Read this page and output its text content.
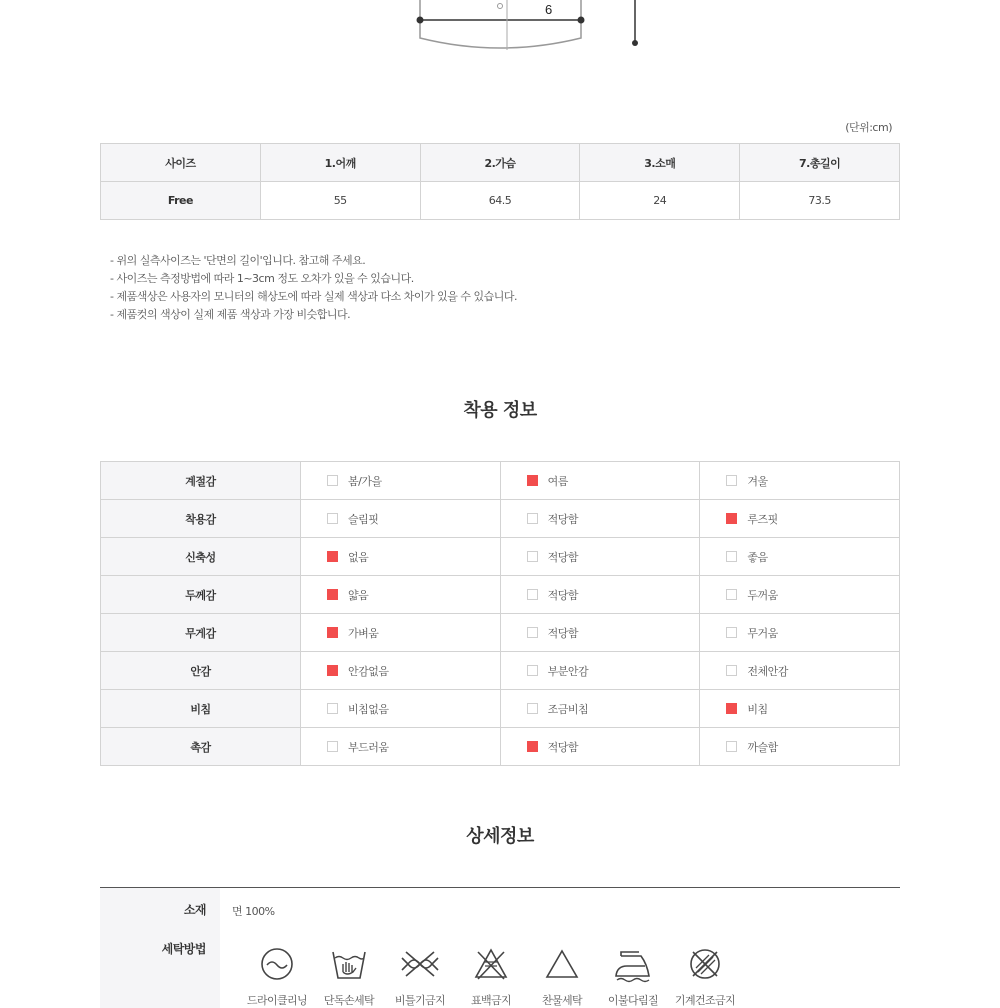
6
(단위:cm)
사이즈	1.어깨	2.가슴	3.소매	7.총길이
Free	55	64.5	24	73.5
- 위의 실측사이즈는 '단면의 길이'입니다. 참고해 주세요.
- 사이즈는 측정방법에 따라 1~3cm 정도 오차가 있을 수 있습니다.
- 제품색상은 사용자의 모니터의 해상도에 따라 실제 색상과 다소 차이가 있을 수 있습니다.
- 제품컷의 색상이 실제 제품 색상과 가장 비슷합니다.
착용 정보
계절감	봄/가을	여름	겨울
착용감	슬림핏	적당함	루즈핏
신축성	없음	적당함	좋음
두께감	얇음	적당함	두꺼움
무게감	가벼움	적당함	무거움
안감	안감없음	부분안감	전체안감
비침	비침없음	조금비침	비침
촉감	부드러움	적당함	까슬함
상세정보
소재 면 100%
세탁방법
드라이클리닝	단독손세탁	비틀기금지	표백금지	찬물세탁	이불다림질	기계건조금지
